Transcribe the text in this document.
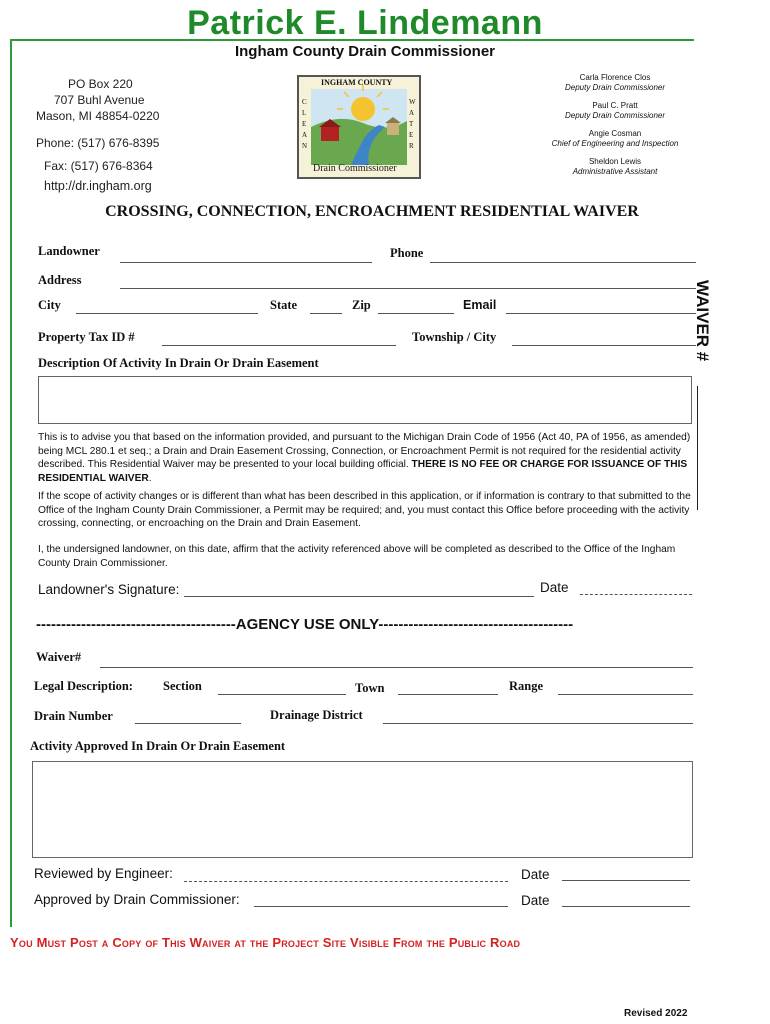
Patrick E. Lindemann
Ingham County Drain Commissioner
PO Box 220
707 Buhl Avenue
Mason, MI 48854-0220
Phone: (517) 676-8395
Fax: (517) 676-8364
http://dr.ingham.org
INGHAM COUNTY
Drain Commissioner
CLEAN
WATER
Carla Florence Clos
Deputy Drain Commissioner
Paul C. Pratt
Deputy Drain Commissioner
Angie Cosman
Chief of Engineering and Inspection
Sheldon Lewis
Administrative Assistant
CROSSING, CONNECTION, ENCROACHMENT RESIDENTIAL WAIVER
Landowner	Phone
Address
City	State	Zip	Email
Property Tax ID #	Township / City
Description Of Activity In Drain Or Drain Easement
WAIVER #
This is to advise you that based on the information provided, and pursuant to the Michigan Drain Code of 1956 (Act 40, PA of 1956, as amended) being MCL 280.1 et seq.; a Drain and Drain Easement Crossing, Connection, or Encroachment Permit is not required for the residential activity described. This Residential Waiver may be presented to your local building official. THERE IS NO FEE OR CHARGE FOR ISSUANCE OF THIS RESIDENTIAL WAIVER.
If the scope of activity changes or is different than what has been described in this application, or if information is contrary to that submitted to the Office of the Ingham County Drain Commissioner, a Permit may be required; and, you must contact this Office before proceeding with the activity crossing, connecting, or encroaching on the Drain and Drain Easement.
I, the undersigned landowner, on this date, affirm that the activity referenced above will be completed as described to the Office of the Ingham County Drain Commissioner.
Landowner's Signature:	Date
----------------------------------------AGENCY USE ONLY---------------------------------------
Waiver#
Legal Description: Section	Town	Range
Drain Number	Drainage District
Activity Approved In Drain Or Drain Easement
Reviewed by Engineer:	Date
Approved by Drain Commissioner:	Date
You Must Post a Copy of This Waiver at the Project Site Visible From the Public Road
Revised 2022
